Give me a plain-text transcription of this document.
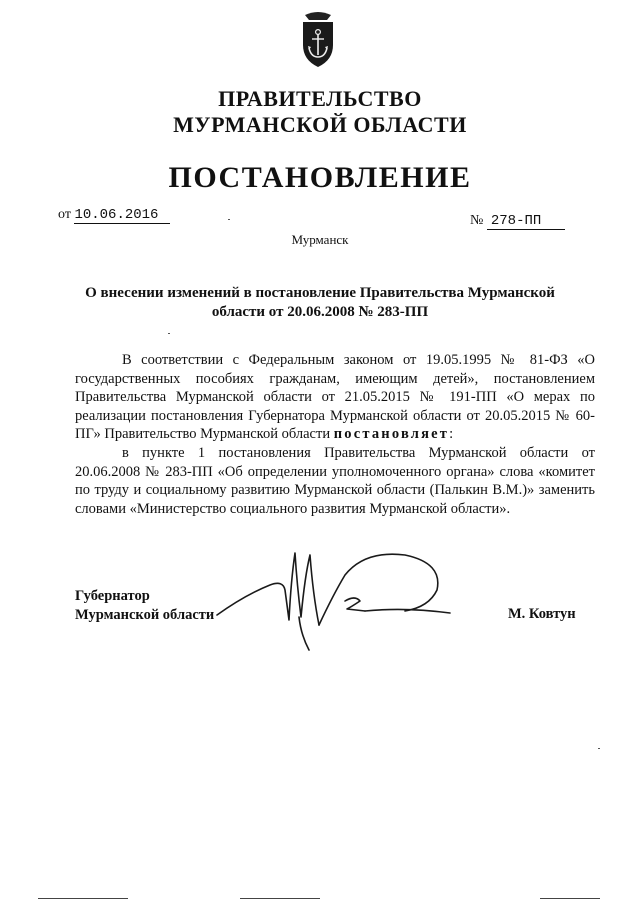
ПРАВИТЕЛЬСТВО
МУРМАНСКОЙ ОБЛАСТИ
ПОСТАНОВЛЕНИЕ
от 10.06.2016	№ 278-ПП
Мурманск
О внесении изменений в постановление Правительства Мурманской
области от 20.06.2008 № 283-ПП

В соответствии с Федеральным законом от 19.05.1995 № 81-ФЗ «О государственных пособиях гражданам, имеющим детей», постановлением Правительства Мурманской области от 21.05.2015 № 191-ПП «О мерах по реализации постановления Губернатора Мурманской области от 20.05.2015 № 60-ПГ» Правительство Мурманской области постановляет:

в пункте 1 постановления Правительства Мурманской области от 20.06.2008 № 283-ПП «Об определении уполномоченного органа» слова «комитет по труду и социальному развитию Мурманской области (Палькин В.М.)» заменить словами «Министерство социального развития Мурманской области».

Губернатор
Мурманской области	М. Ковтун
